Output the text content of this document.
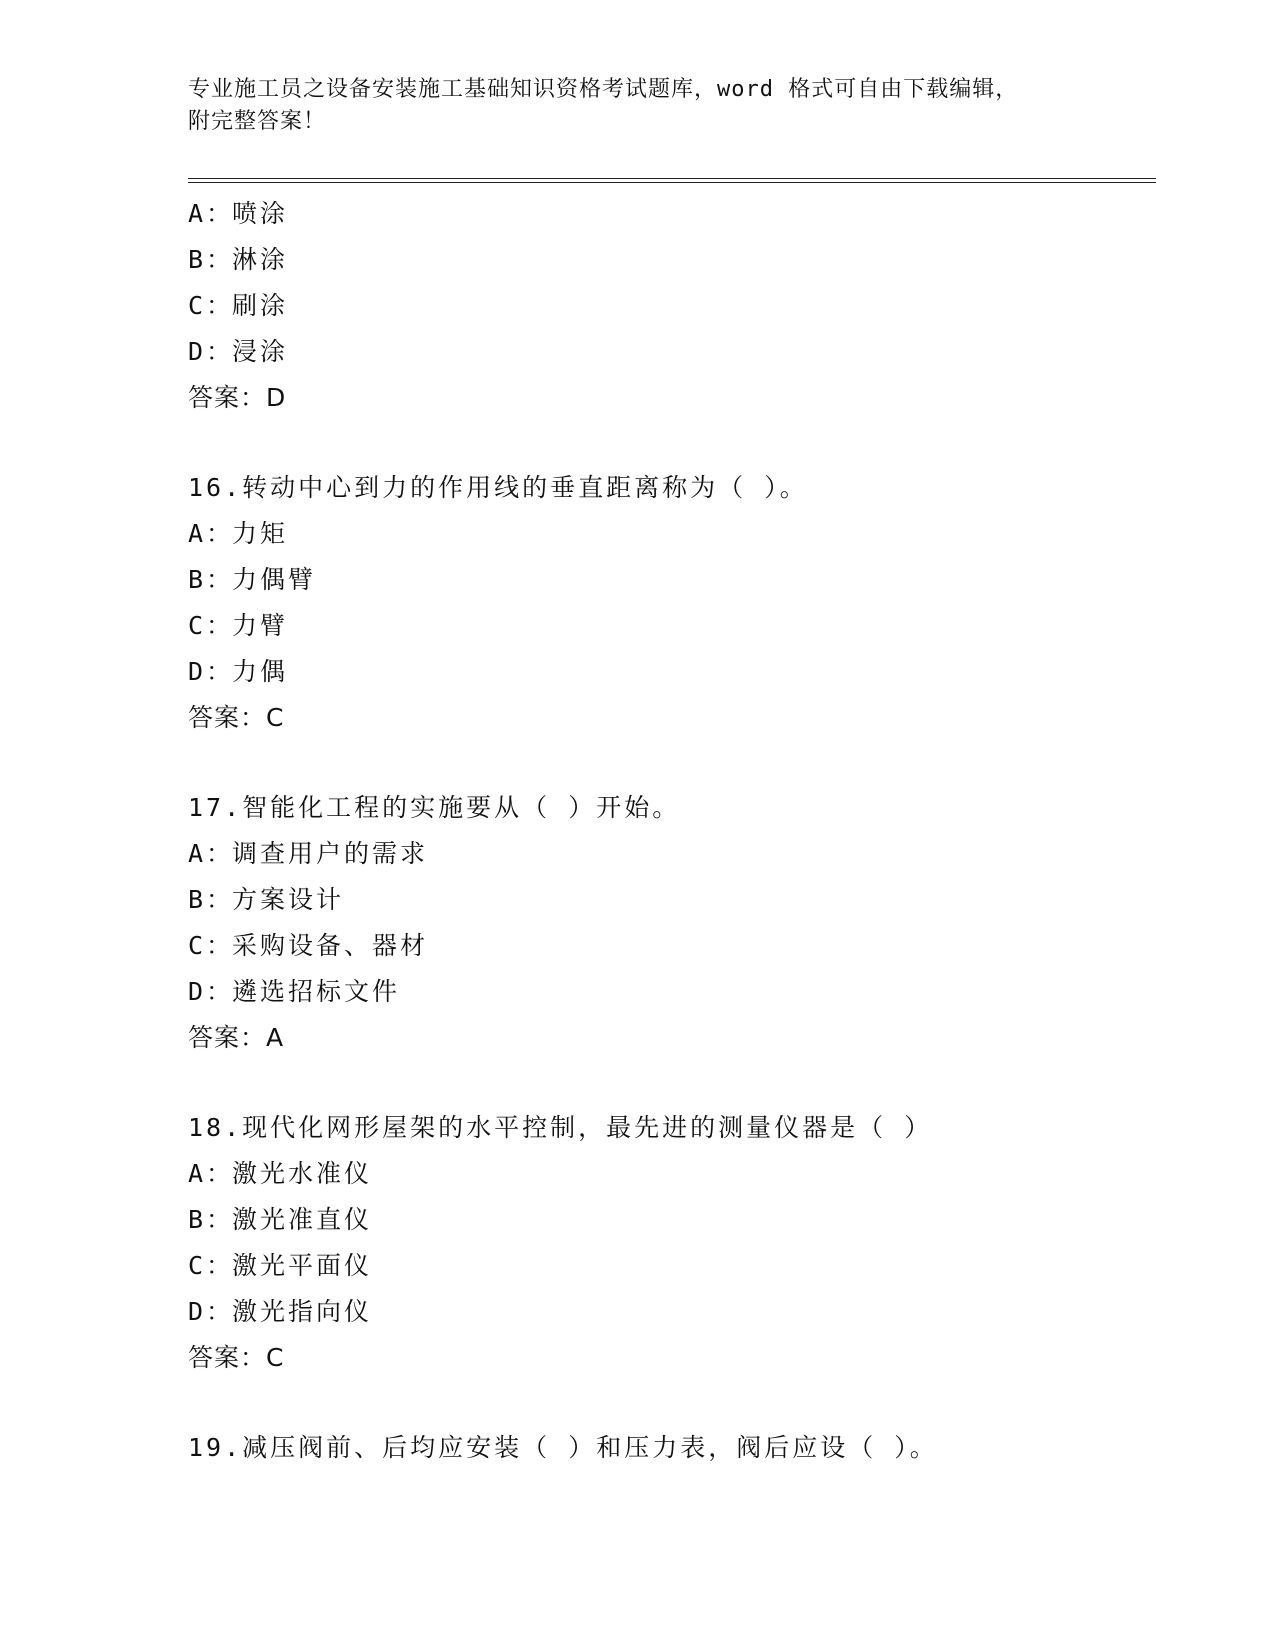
专业施工员之设备安装施工基础知识资格考试题库，word 格式可自由下载编辑，
附完整答案！
A：喷涂
B：淋涂
C：刷涂
D：浸涂
答案：D
16.转动中心到力的作用线的垂直距离称为（ ）。
A：力矩
B：力偶臂
C：力臂
D：力偶
答案：C
17.智能化工程的实施要从（ ）开始。
A：调查用户的需求
B：方案设计
C：采购设备、器材
D：遴选招标文件
答案：A
18.现代化网形屋架的水平控制，最先进的测量仪器是（ ）
A：激光水准仪
B：激光准直仪
C：激光平面仪
D：激光指向仪
答案：C
19.减压阀前、后均应安装（ ）和压力表，阀后应设（ ）。
